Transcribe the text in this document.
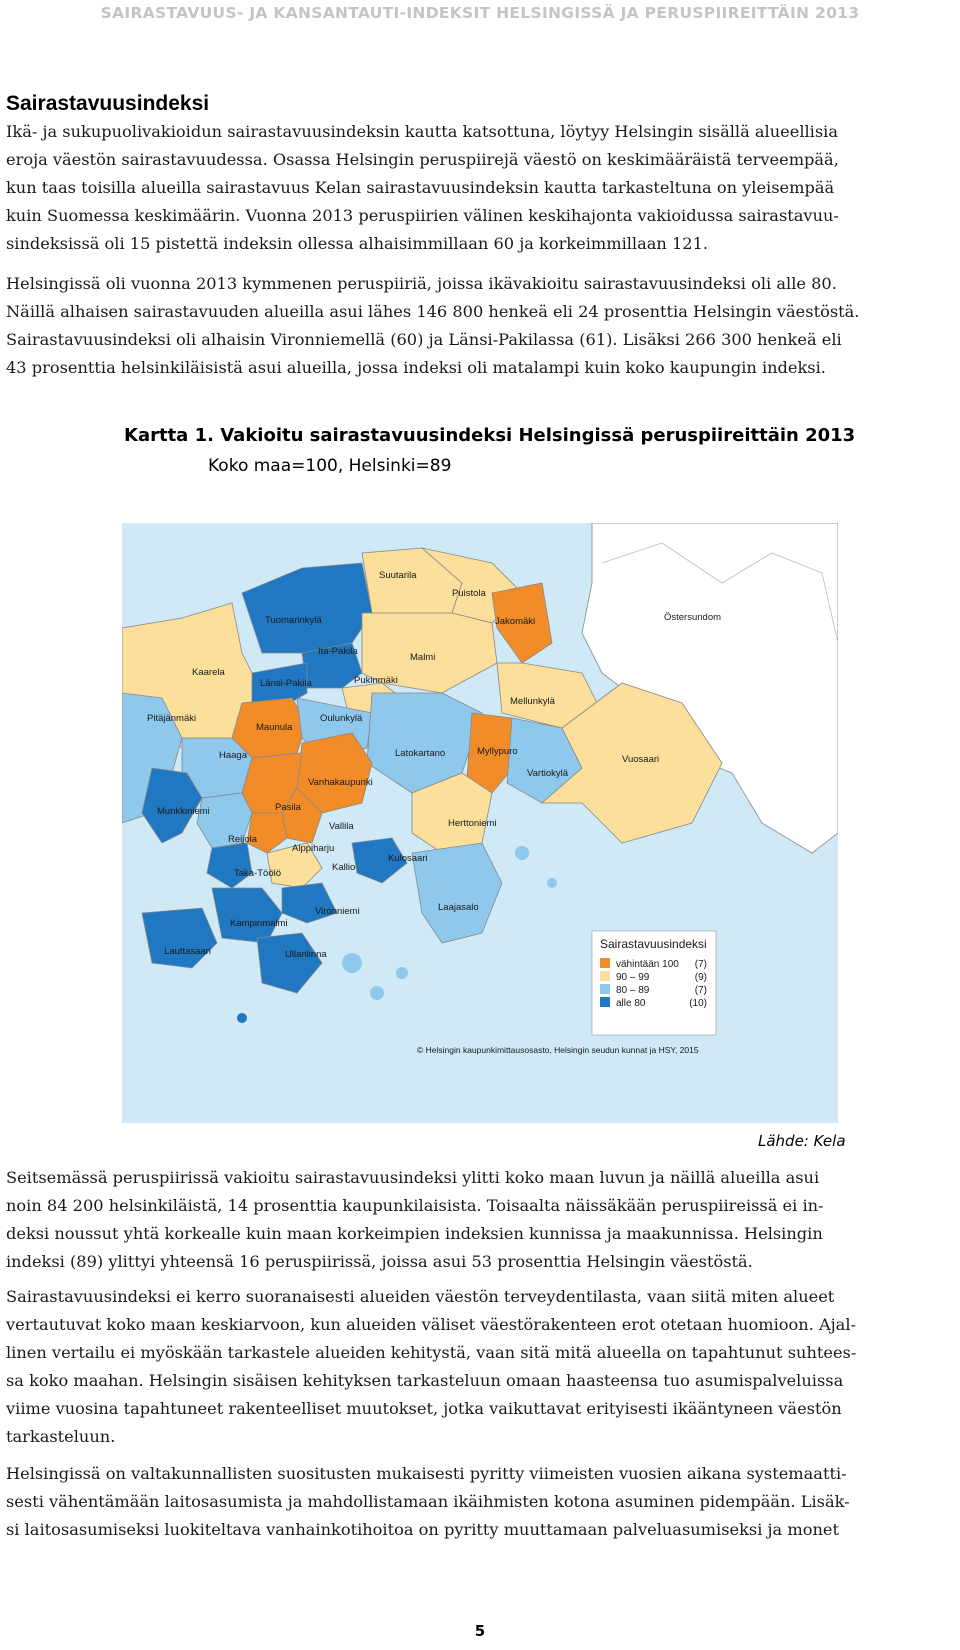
SAIRASTAVUUS- JA KANSANTAUTI-INDEKSIT HELSINGISSÄ JA PERUSPIIREITTÄIN 2013
Sairastavuusindeksi

Ikä- ja sukupuolivakioidun sairastavuusindeksin kautta katsottuna, löytyy Helsingin sisällä alueellisia
eroja väestön sairastavuudessa. Osassa Helsingin peruspiirejä väestö on keskimääräistä terveempää,
kun taas toisilla alueilla sairastavuus Kelan sairastavuusindeksin kautta tarkasteltuna on yleisempää
kuin Suomessa keskimäärin. Vuonna 2013 peruspiirien välinen keskihajonta vakioidussa sairastavuu-
sindeksissä oli 15 pistettä indeksin ollessa alhaisimmillaan 60 ja korkeimmillaan 121.

Helsingissä oli vuonna 2013 kymmenen peruspiiriä, joissa ikävakioitu sairastavuusindeksi oli alle 80.
Näillä alhaisen sairastavuuden alueilla asui lähes 146 800 henkeä eli 24 prosenttia Helsingin väestöstä.
Sairastavuusindeksi oli alhaisin Vironniemellä (60) ja Länsi-Pakilassa (61). Lisäksi 266 300 henkeä eli
43 prosenttia helsinkiläisistä asui alueilla, jossa indeksi oli matalampi kuin koko kaupungin indeksi.

Kartta 1. Vakioitu sairastavuusindeksi Helsingissä peruspiireittäin 2013
Koko maa=100, Helsinki=89
Suutarila
Puistola
Tuomarinkylä	Jakomäki	Östersundom
Itä-Pakila
Malmi
Kaarela
Länsi-Pakila	Pukinmäki
Mellunkylä
Pitäjänmäki
Maunula
Oulunkylä
Haaga	Latokartano	Myllypuro
Vuosaari
Vanhakaupunki
Vartiokylä
Munkkiniemi	Pasila
Vallila	Herttoniemi
Reijola
Alppiharju
Taka-Töölö
Kallio
Kulosaari
Laajasalo
Vironniemi
Kampinmalmi
Lauttasaari	Ullanlinna
Sairastavuusindeksi
vähintään 100 (7)
90 – 99	(9)
80 – 89	(7)
alle 80	(10)
© Helsingin kaupunkimittausosasto, Helsingin seudun kunnat ja HSY, 2015
Lähde: Kela

Seitsemässä peruspiirissä vakioitu sairastavuusindeksi ylitti koko maan luvun ja näillä alueilla asui
noin 84 200 helsinkiläistä, 14 prosenttia kaupunkilaisista. Toisaalta näissäkään peruspiireissä ei in-
deksi noussut yhtä korkealle kuin maan korkeimpien indeksien kunnissa ja maakunnissa. Helsingin
indeksi (89) ylittyi yhteensä 16 peruspiirissä, joissa asui 53 prosenttia Helsingin väestöstä.

Sairastavuusindeksi ei kerro suoranaisesti alueiden väestön terveydentilasta, vaan siitä miten alueet
vertautuvat koko maan keskiarvoon, kun alueiden väliset väestörakenteen erot otetaan huomioon. Ajal-
linen vertailu ei myöskään tarkastele alueiden kehitystä, vaan sitä mitä alueella on tapahtunut suhtees-
sa koko maahan. Helsingin sisäisen kehityksen tarkasteluun omaan haasteensa tuo asumispalveluissa
viime vuosina tapahtuneet rakenteelliset muutokset, jotka vaikuttavat erityisesti ikääntyneen väestön
tarkasteluun.

Helsingissä on valtakunnallisten suositusten mukaisesti pyritty viimeisten vuosien aikana systemaatti-
sesti vähentämään laitosasumista ja mahdollistamaan ikäihmisten kotona asuminen pidempään. Lisäk-
si laitosasumiseksi luokiteltava vanhainkotihoitoa on pyritty muuttamaan palveluasumiseksi ja monet

5
